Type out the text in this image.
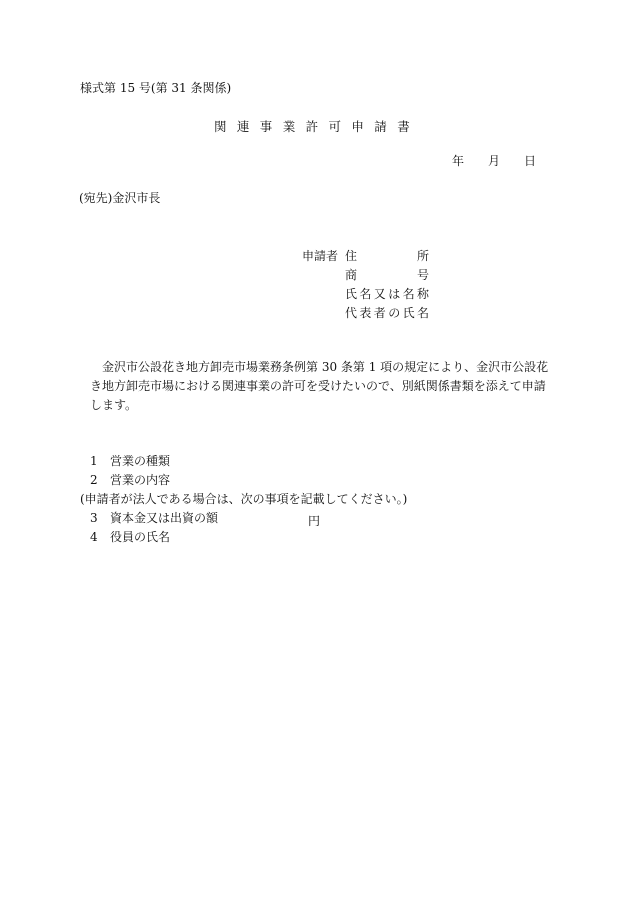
様式第 15 号(第 31 条関係)
関連事業許可申請書
年 月 日
(宛先)金沢市長
申請者 住	所
商	号
氏名又は名称
代表者の氏名

金沢市公設花き地方卸売市場業務条例第 30 条第 1 項の規定により、金沢市公設花き地方卸売市場における関連事業の許可を受けたいので、別紙関係書類を添えて申請します。

1 営業の種類
2 営業の内容
(申請者が法人である場合は、次の事項を記載してください。)
3 資本金又は出資の額	円
4 役員の氏名
